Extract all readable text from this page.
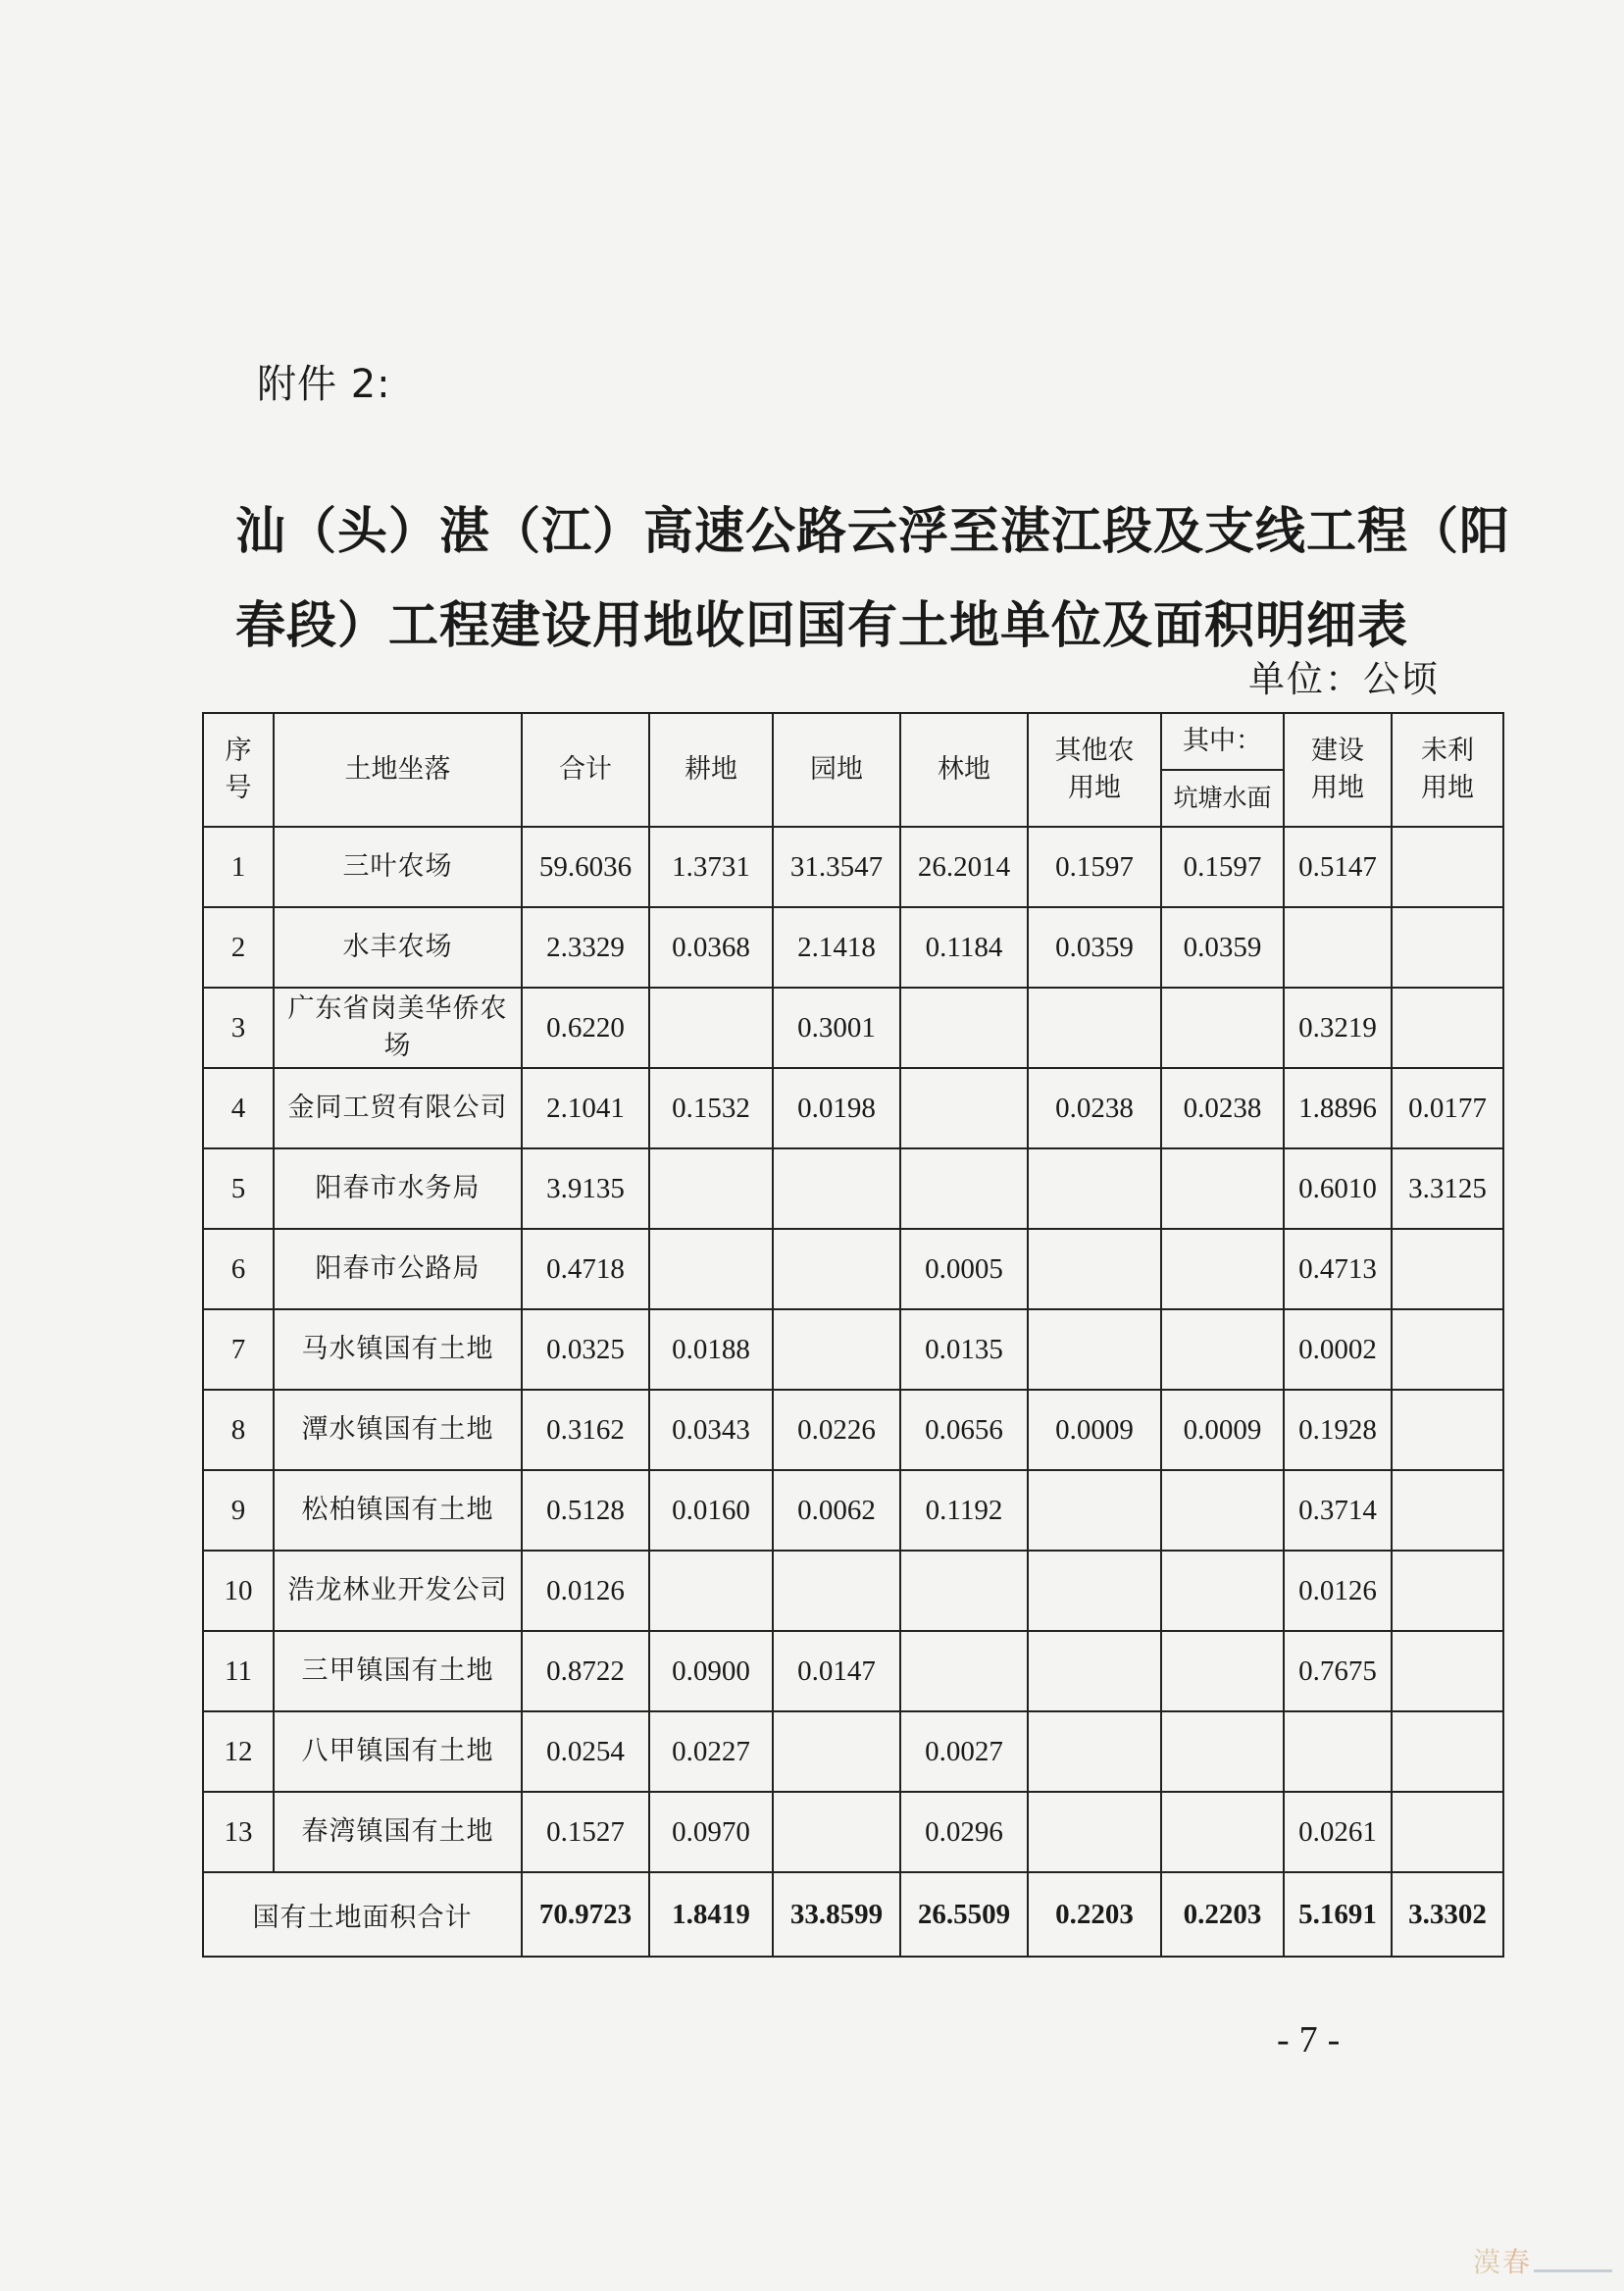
附件 2:
汕（头）湛（江）高速公路云浮至湛江段及支线工程（阳
春段）工程建设用地收回国有土地单位及面积明细表
单位：公顷
序号	土地坐落	合计	耕地	园地	林地	其他农用地	其中：	建设用地	未利用地
							坑塘水面		
1	三叶农场	59.6036	1.3731	31.3547	26.2014	0.1597	0.1597	0.5147	
2	水丰农场	2.3329	0.0368	2.1418	0.1184	0.0359	0.0359		
3	广东省岗美华侨农场	0.6220		0.3001				0.3219	
4	金同工贸有限公司	2.1041	0.1532	0.0198		0.0238	0.0238	1.8896	0.0177
5	阳春市水务局	3.9135						0.6010	3.3125
6	阳春市公路局	0.4718			0.0005			0.4713	
7	马水镇国有土地	0.0325	0.0188		0.0135			0.0002	
8	潭水镇国有土地	0.3162	0.0343	0.0226	0.0656	0.0009	0.0009	0.1928	
9	松柏镇国有土地	0.5128	0.0160	0.0062	0.1192			0.3714	
10	浩龙林业开发公司	0.0126						0.0126	
11	三甲镇国有土地	0.8722	0.0900	0.0147				0.7675	
12	八甲镇国有土地	0.0254	0.0227		0.0027				
13	春湾镇国有土地	0.1527	0.0970		0.0296			0.0261	
国有土地面积合计		70.9723	1.8419	33.8599	26.5509	0.2203	0.2203	5.1691	3.3302
-7-
漠 春
